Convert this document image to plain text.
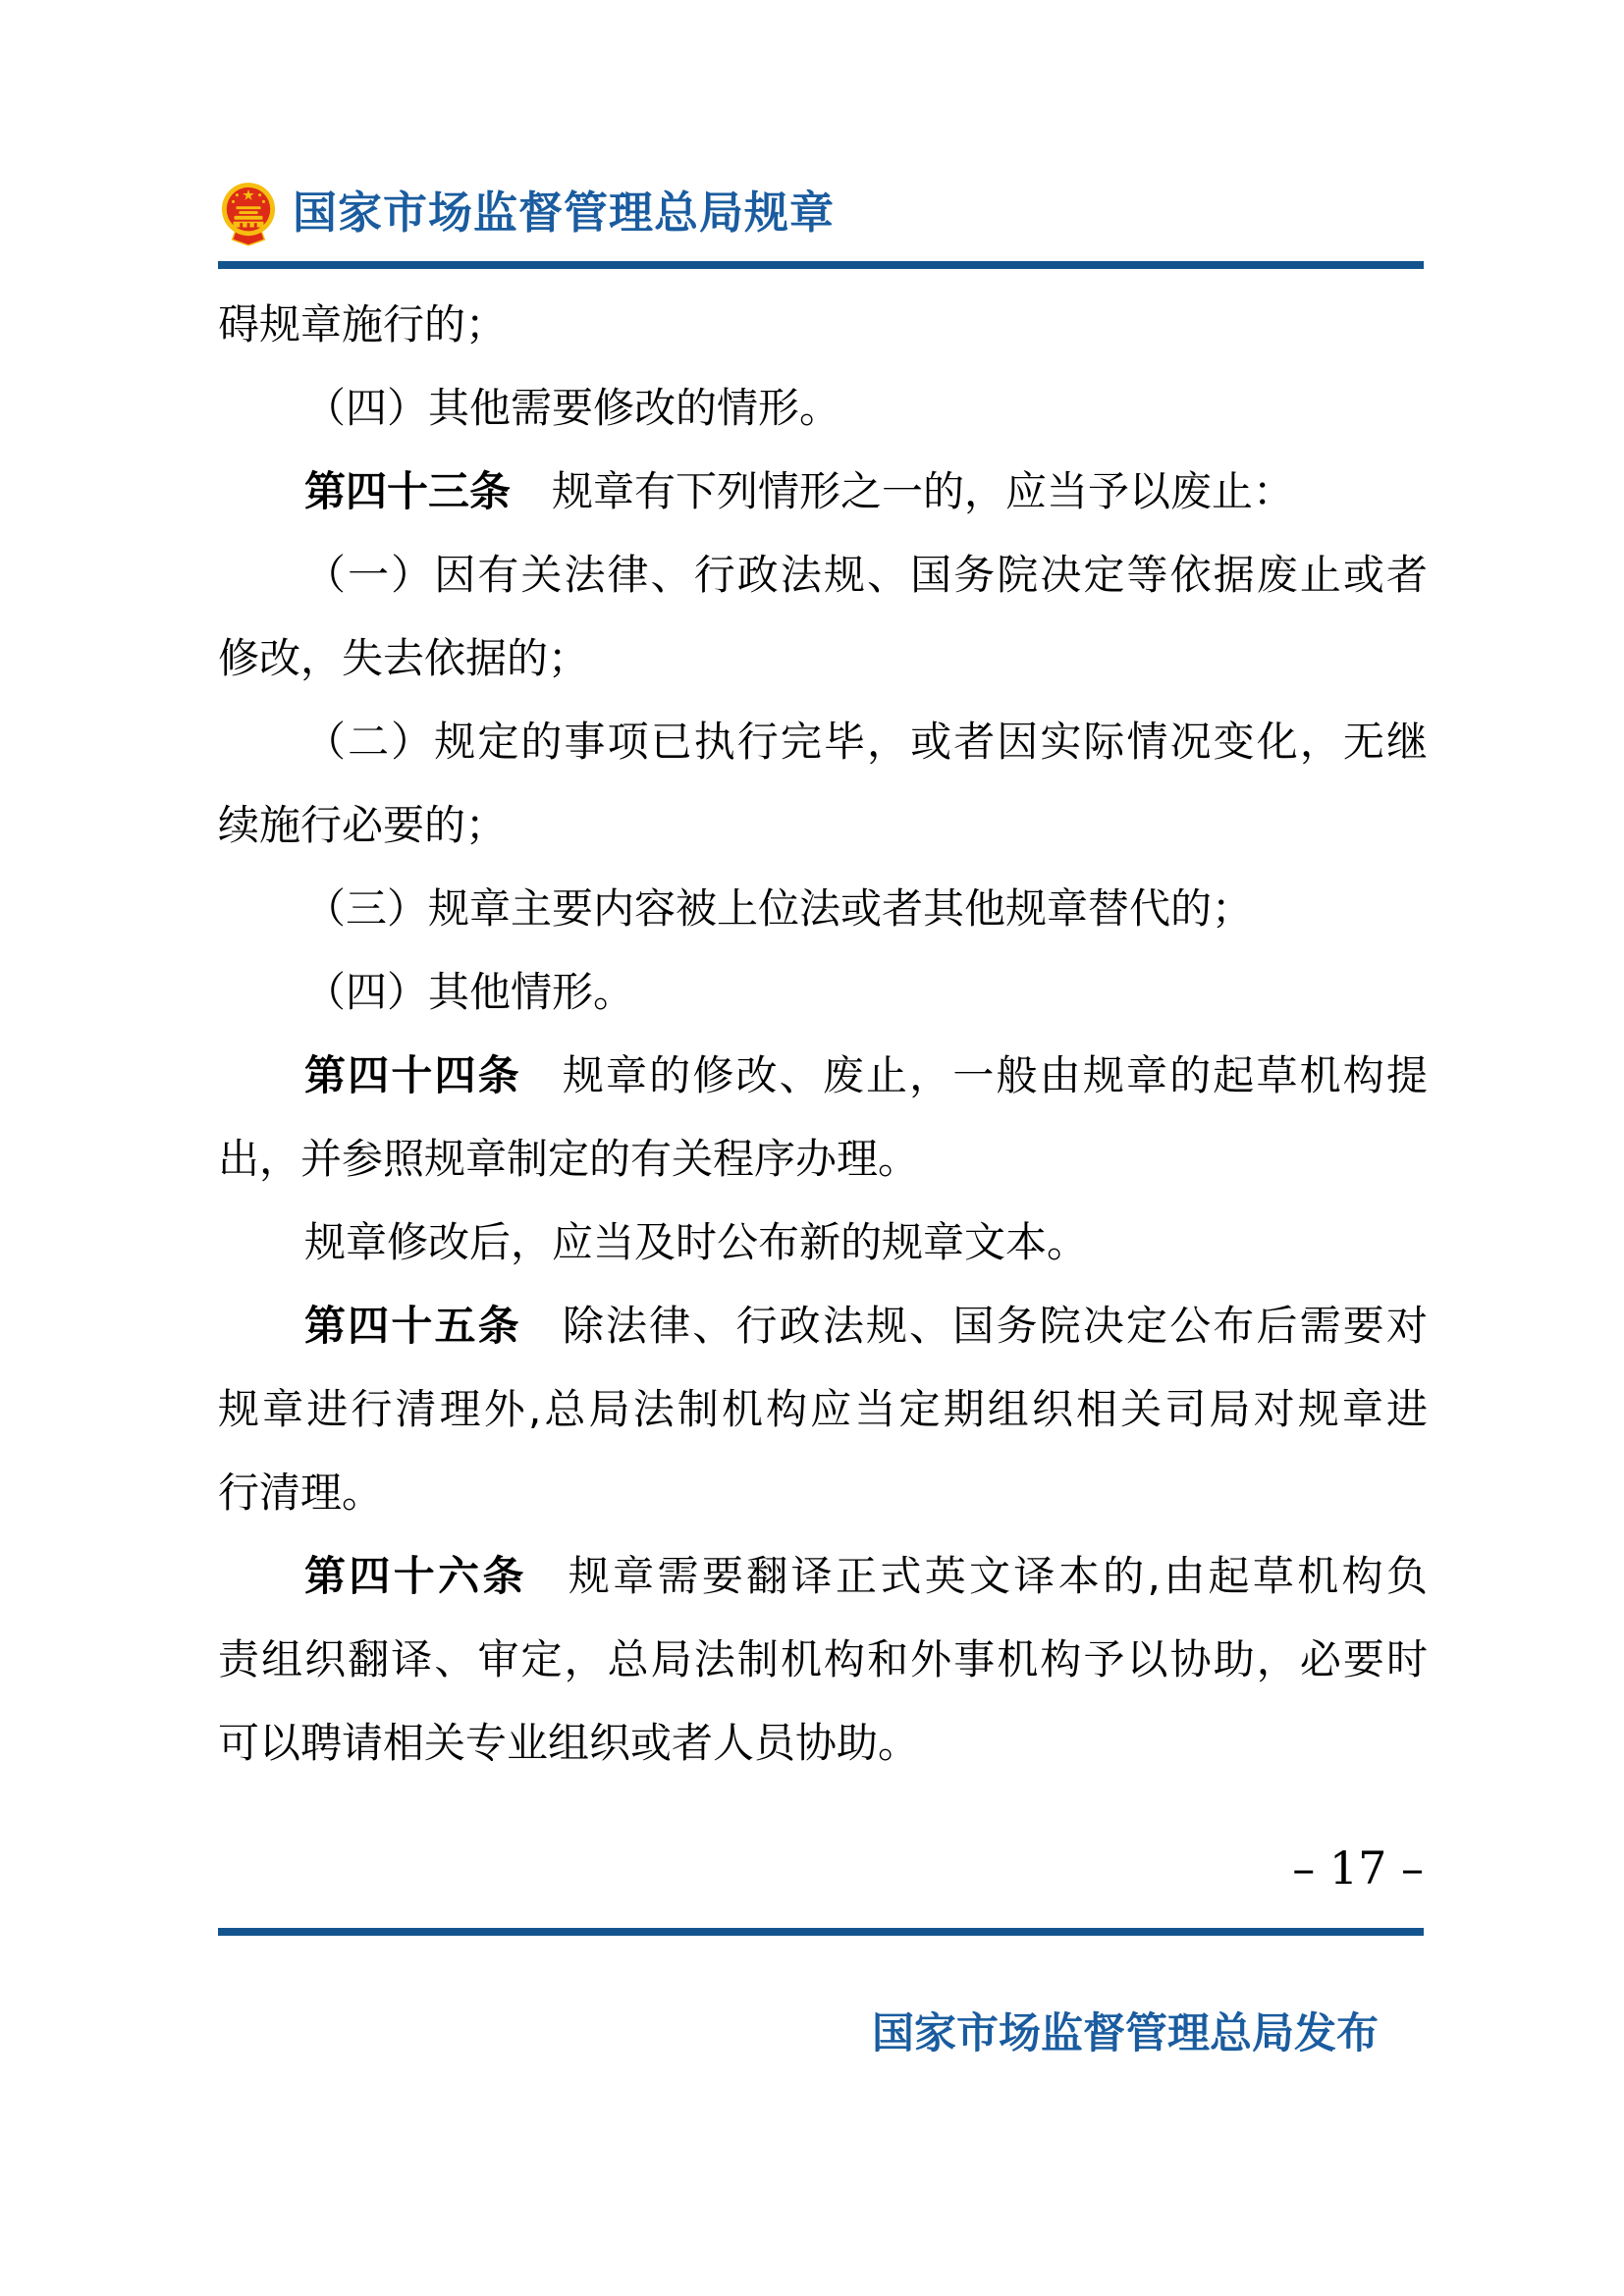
国家市场监督管理总局规章
碍规章施行的；
（四）其他需要修改的情形。
第四十三条 规章有下列情形之一的，应当予以废止：
（一）因有关法律、行政法规、国务院决定等依据废止或者
修改，失去依据的；
（二）规定的事项已执行完毕，或者因实际情况变化，无继
续施行必要的；
（三）规章主要内容被上位法或者其他规章替代的；
（四）其他情形。
第四十四条 规章的修改、废止，一般由规章的起草机构提
出，并参照规章制定的有关程序办理。
规章修改后，应当及时公布新的规章文本。
第四十五条 除法律、行政法规、国务院决定公布后需要对
规章进行清理外,总局法制机构应当定期组织相关司局对规章进
行清理。
第四十六条 规章需要翻译正式英文译本的,由起草机构负
责组织翻译、审定，总局法制机构和外事机构予以协助，必要时
可以聘请相关专业组织或者人员协助。
– 17 –
国家市场监督管理总局发布
